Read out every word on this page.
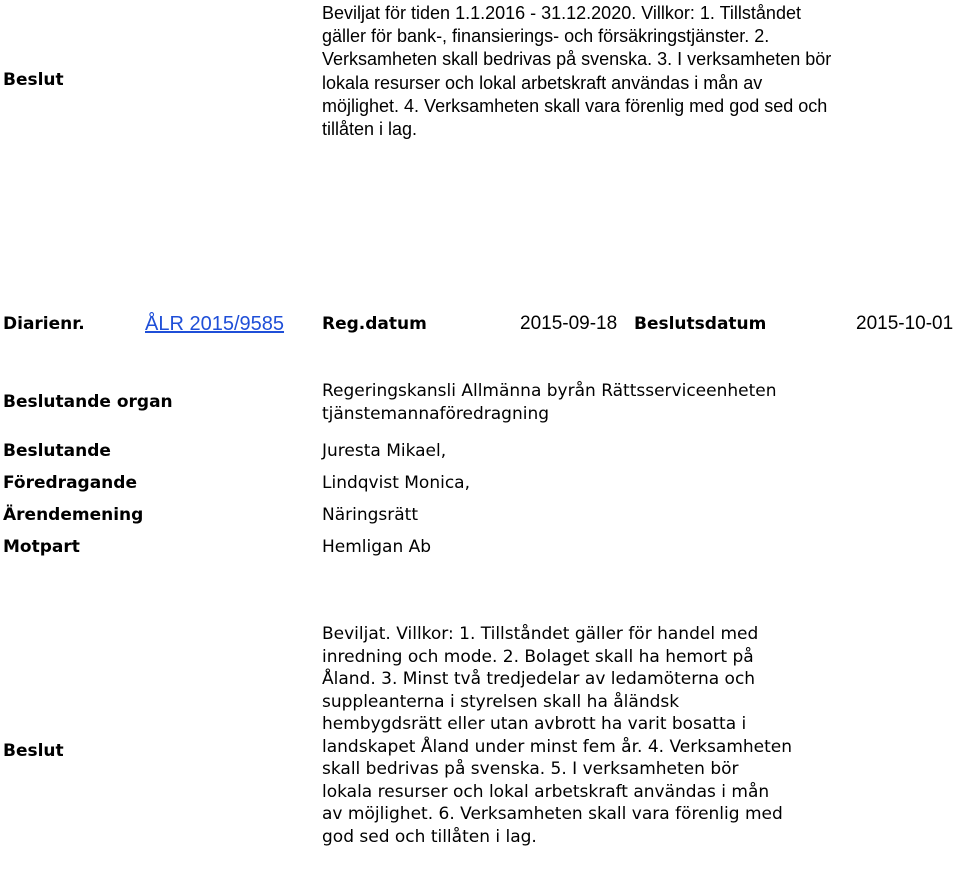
Beslut
Beviljat för tiden 1.1.2016 - 31.12.2020. Villkor: 1. Tillståndet gäller för bank-, finansierings- och försäkringstjänster. 2. Verksamheten skall bedrivas på svenska. 3. I verksamheten bör lokala resurser och lokal arbetskraft användas i mån av möjlighet. 4. Verksamheten skall vara förenlig med god sed och tillåten i lag.
Diarienr.	ÅLR 2015/9585 Reg.datum	2015-09-18 Beslutsdatum	2015-10-01
Beslutande organ
Regeringskansli Allmänna byrån Rättsserviceenheten tjänstemannaföredragning
Beslutande	Juresta Mikael,
Föredragande	Lindqvist Monica,
Ärendemening	Näringsrätt
Motpart	Hemligan Ab
Beslut
Beviljat. Villkor: 1. Tillståndet gäller för handel med inredning och mode. 2. Bolaget skall ha hemort på Åland. 3. Minst två tredjedelar av ledamöterna och suppleanterna i styrelsen skall ha åländsk hembygdsrätt eller utan avbrott ha varit bosatta i landskapet Åland under minst fem år. 4. Verksamheten skall bedrivas på svenska. 5. I verksamheten bör lokala resurser och lokal arbetskraft användas i mån av möjlighet. 6. Verksamheten skall vara förenlig med god sed och tillåten i lag.
